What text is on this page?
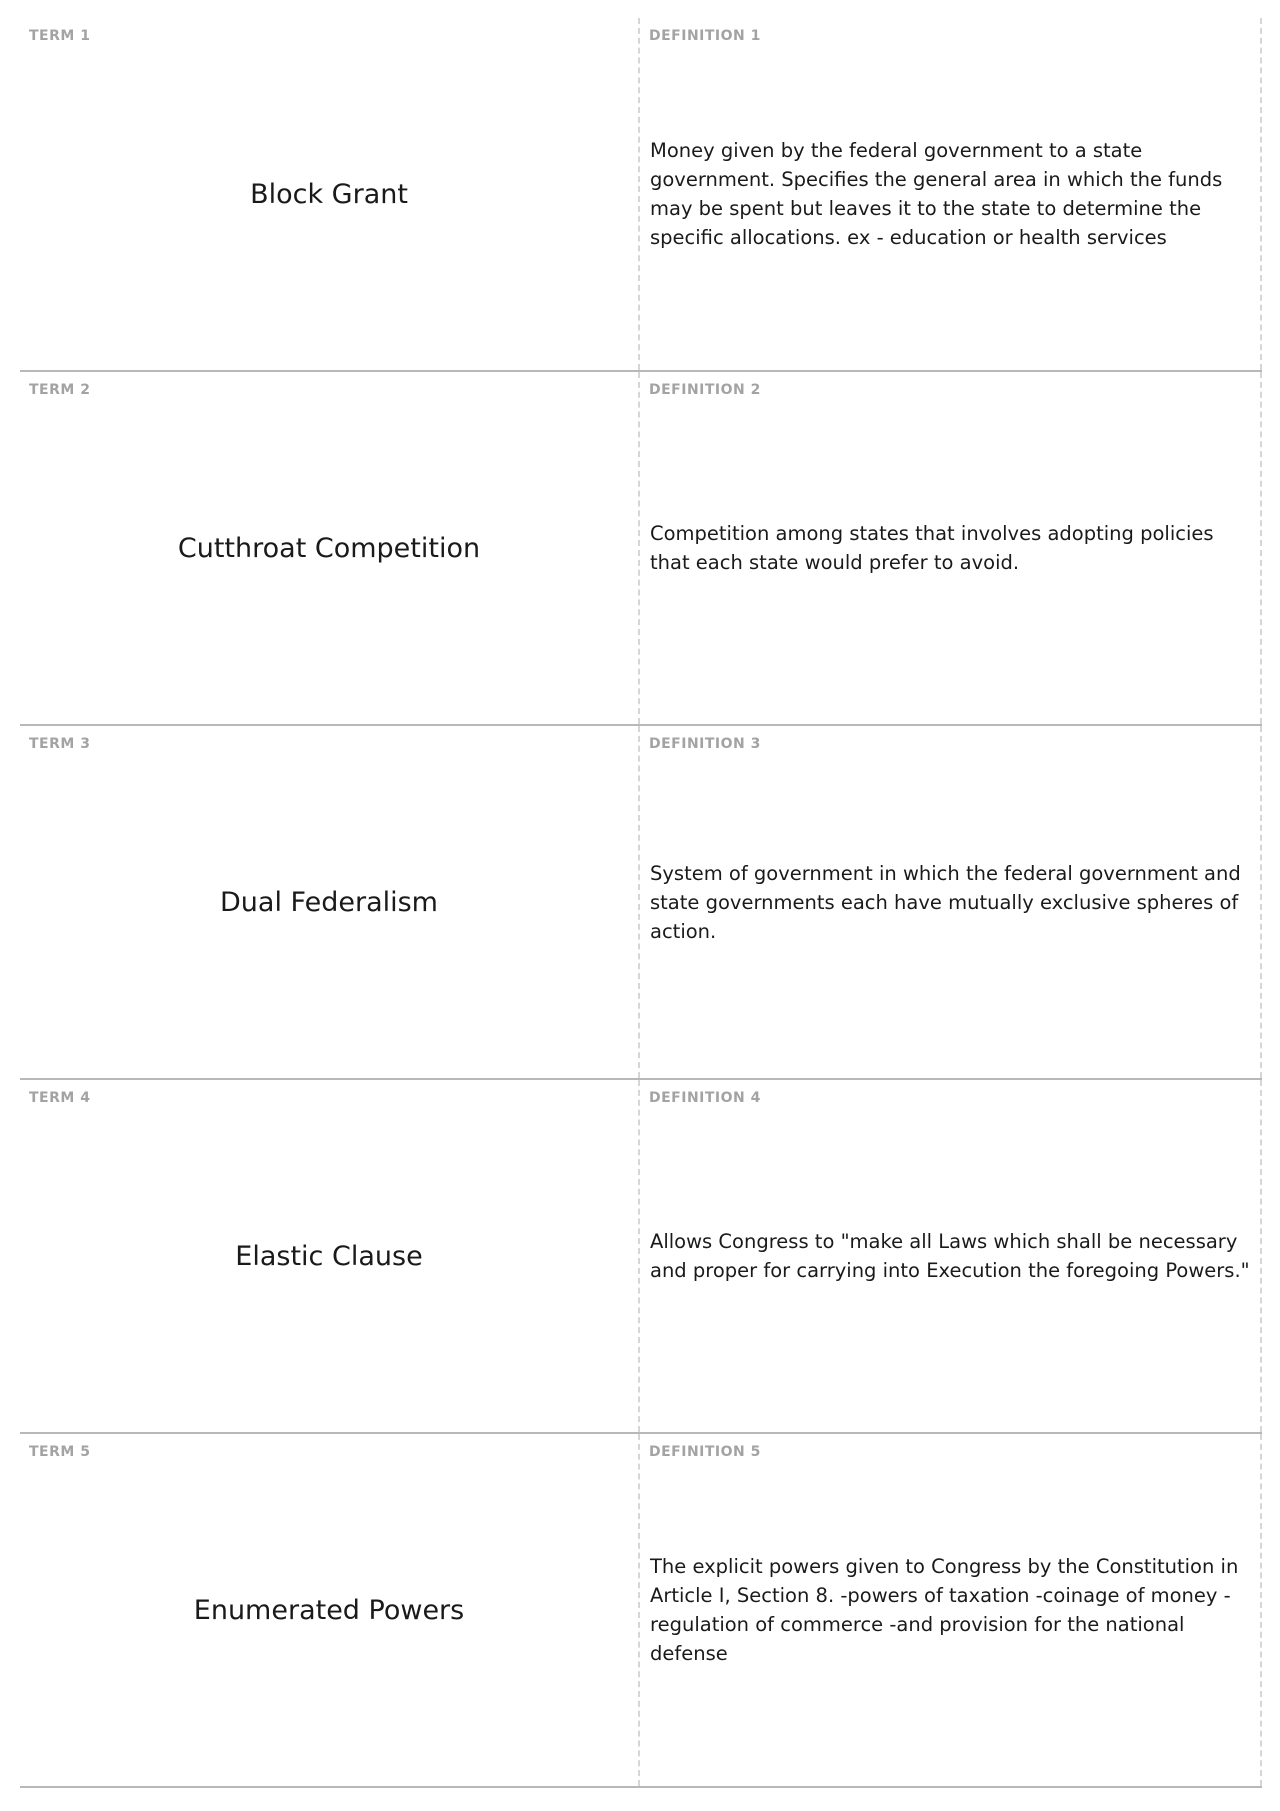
TERM 1
Block Grant
DEFINITION 1
Money given by the federal government to a state government. Specifies the general area in which the funds may be spent but leaves it to the state to determine the specific allocations. ex - education or health services
TERM 2
Cutthroat Competition
DEFINITION 2
Competition among states that involves adopting policies that each state would prefer to avoid.
TERM 3
Dual Federalism
DEFINITION 3
System of government in which the federal government and state governments each have mutually exclusive spheres of action.
TERM 4
Elastic Clause
DEFINITION 4
Allows Congress to "make all Laws which shall be necessary and proper for carrying into Execution the foregoing Powers."
TERM 5
Enumerated Powers
DEFINITION 5
The explicit powers given to Congress by the Constitution in Article I, Section 8. -powers of taxation -coinage of money -regulation of commerce -and provision for the national defense
